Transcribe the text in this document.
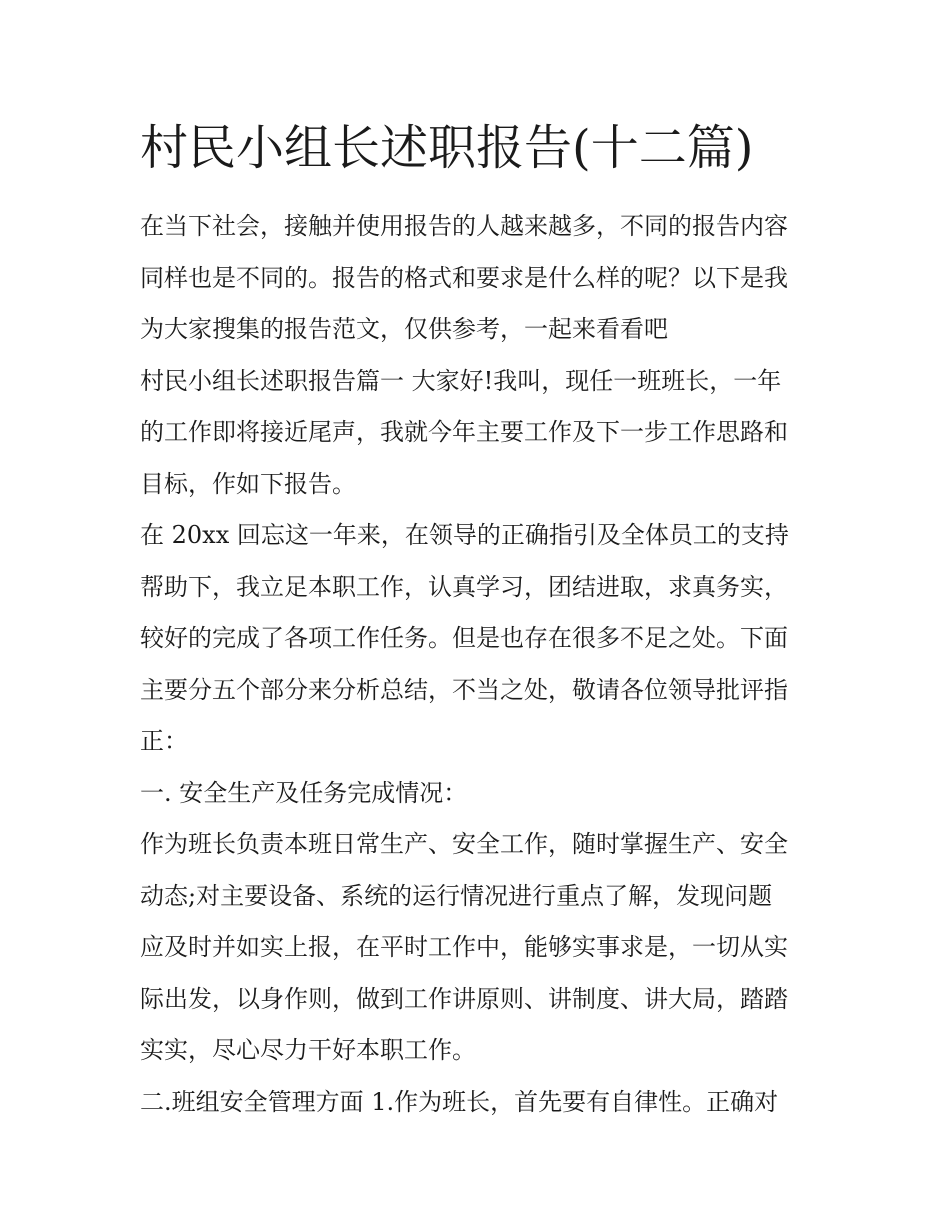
村民小组长述职报告(十二篇)
在当下社会，接触并使用报告的人越来越多，不同的报告内容
同样也是不同的。报告的格式和要求是什么样的呢？以下是我
为大家搜集的报告范文，仅供参考，一起来看看吧
村民小组长述职报告篇一 大家好!我叫，现任一班班长，一年
的工作即将接近尾声，我就今年主要工作及下一步工作思路和
目标，作如下报告。
在 20xx 回忘这一年来，在领导的正确指引及全体员工的支持
帮助下，我立足本职工作，认真学习，团结进取，求真务实，
较好的完成了各项工作任务。但是也存在很多不足之处。下面
主要分五个部分来分析总结，不当之处，敬请各位领导批评指
正：
一. 安全生产及任务完成情况：
作为班长负责本班日常生产、安全工作，随时掌握生产、安全
动态;对主要设备、系统的运行情况进行重点了解，发现问题
应及时并如实上报，在平时工作中，能够实事求是，一切从实
际出发，以身作则，做到工作讲原则、讲制度、讲大局，踏踏
实实，尽心尽力干好本职工作。
二.班组安全管理方面 1.作为班长，首先要有自律性。正确对
